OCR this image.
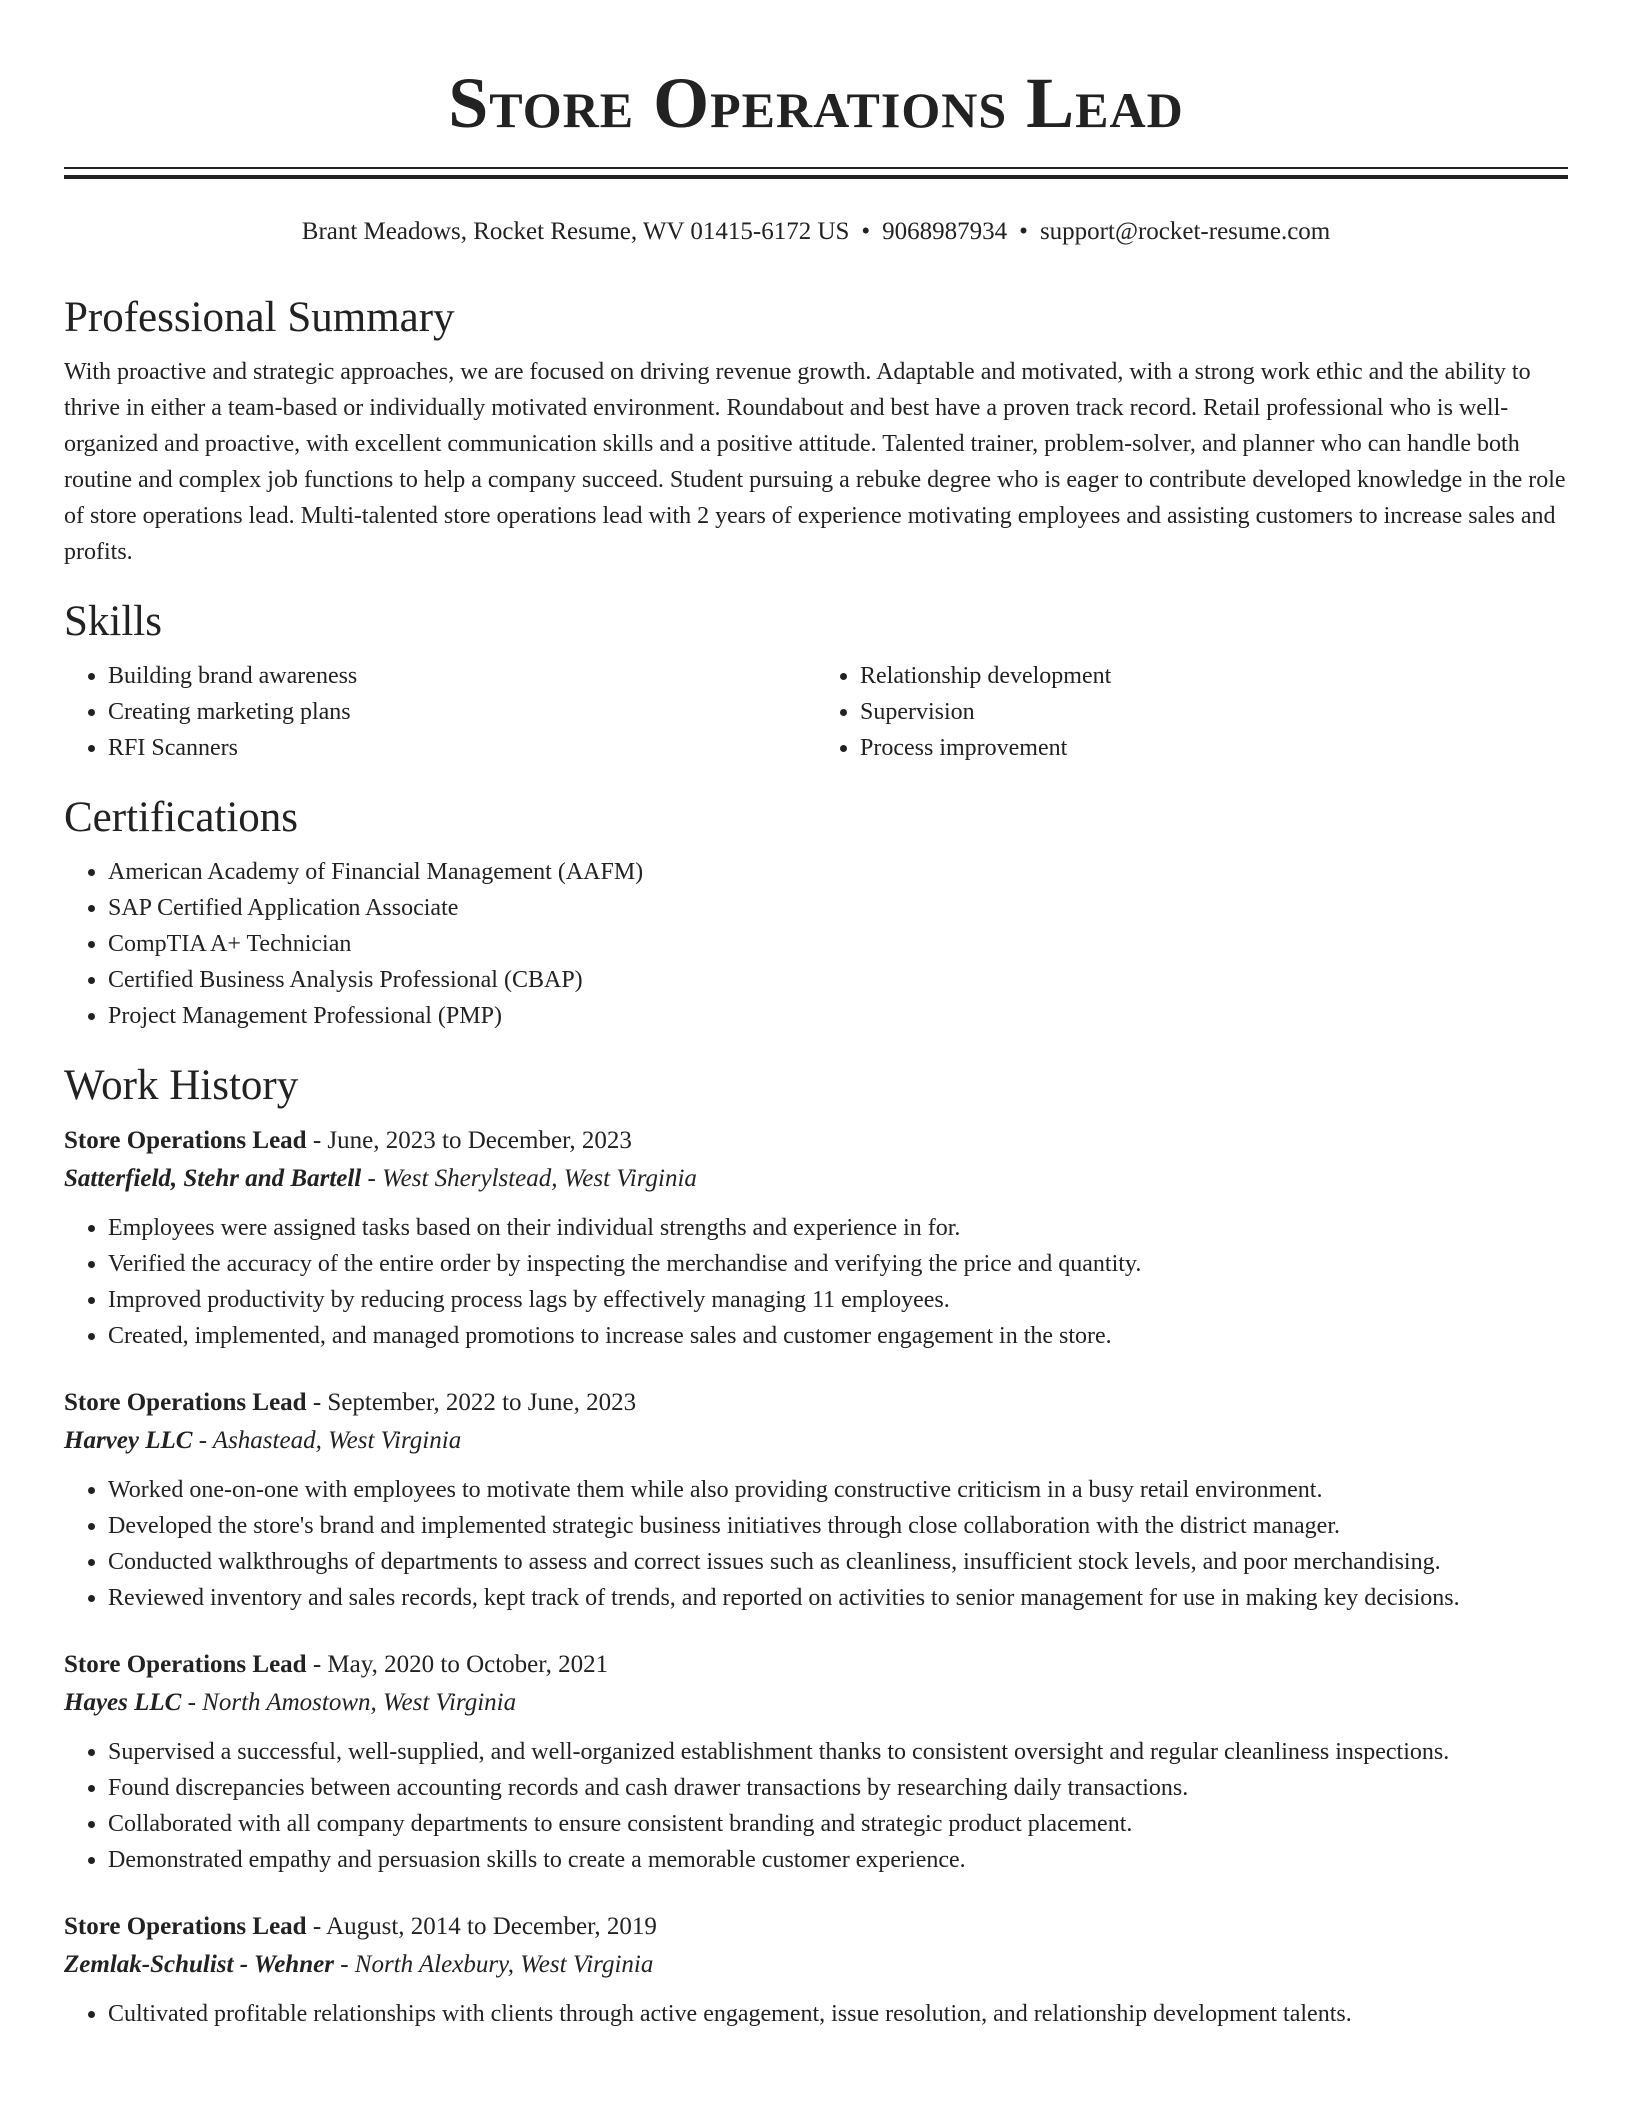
Store Operations Lead
Brant Meadows, Rocket Resume, WV 01415-6172 US • 9068987934 • support@rocket-resume.com
Professional Summary

With proactive and strategic approaches, we are focused on driving revenue growth. Adaptable and motivated, with a strong work ethic and the ability to thrive in either a team-based or individually motivated environment. Roundabout and best have a proven track record. Retail professional who is well-organized and proactive, with excellent communication skills and a positive attitude. Talented trainer, problem-solver, and planner who can handle both routine and complex job functions to help a company succeed. Student pursuing a rebuke degree who is eager to contribute developed knowledge in the role of store operations lead. Multi-talented store operations lead with 2 years of experience motivating employees and assisting customers to increase sales and profits.

Skills
• Building brand awareness
• Creating marketing plans
• RFI Scanners
• Relationship development
• Supervision
• Process improvement
Certifications
• American Academy of Financial Management (AAFM)
• SAP Certified Application Associate
• CompTIA A+ Technician
• Certified Business Analysis Professional (CBAP)
• Project Management Professional (PMP)
Work History
Store Operations Lead - June, 2023 to December, 2023
Satterfield, Stehr and Bartell - West Sherylstead, West Virginia
• Employees were assigned tasks based on their individual strengths and experience in for.
• Verified the accuracy of the entire order by inspecting the merchandise and verifying the price and quantity.
• Improved productivity by reducing process lags by effectively managing 11 employees.
• Created, implemented, and managed promotions to increase sales and customer engagement in the store.
Store Operations Lead - September, 2022 to June, 2023
Harvey LLC - Ashastead, West Virginia
• Worked one-on-one with employees to motivate them while also providing constructive criticism in a busy retail environment.
• Developed the store's brand and implemented strategic business initiatives through close collaboration with the district manager.
• Conducted walkthroughs of departments to assess and correct issues such as cleanliness, insufficient stock levels, and poor merchandising.
• Reviewed inventory and sales records, kept track of trends, and reported on activities to senior management for use in making key decisions.
Store Operations Lead - May, 2020 to October, 2021
Hayes LLC - North Amostown, West Virginia
• Supervised a successful, well-supplied, and well-organized establishment thanks to consistent oversight and regular cleanliness inspections.
• Found discrepancies between accounting records and cash drawer transactions by researching daily transactions.
• Collaborated with all company departments to ensure consistent branding and strategic product placement.
• Demonstrated empathy and persuasion skills to create a memorable customer experience.
Store Operations Lead - August, 2014 to December, 2019
Zemlak-Schulist - Wehner - North Alexbury, West Virginia
• Cultivated profitable relationships with clients through active engagement, issue resolution, and relationship development talents.
